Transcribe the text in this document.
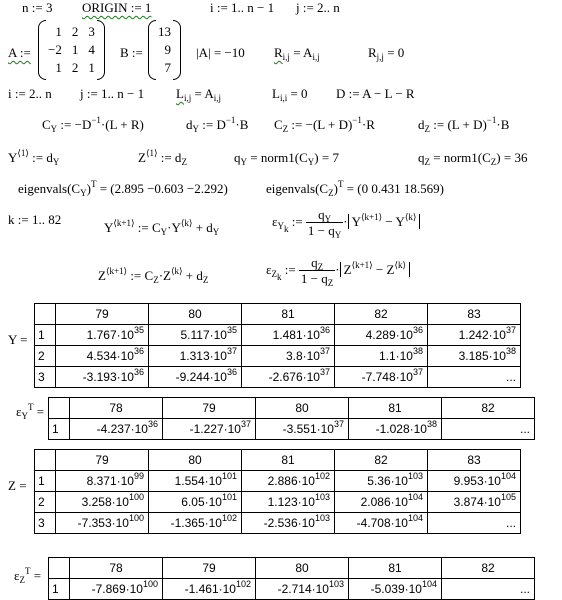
n := 3 ORIGIN := 1	i := 1.. n − 1 j := 2.. n
A :=
1 2 3
−2 1 4
1 2 1
B :=
13
9
7
|A| = −10 $R_{i,j} = A_{i,j}$	$R_{j,j} = 0$
i := 2.. n j := 1.. n − 1 $L_{i,j} = A_{i,j}$	$L_{i,i} = 0$ D := A − L − R
$C_Y$ := $-D^{-1}\cdot(L + R)$	$d_Y$ := $D^{-1}\cdot B$ $C_Z$ := $-(L + D)^{-1}\cdot R$	$d_Z$ := $(L + D)^{-1}\cdot B$
$Y^{⟨1⟩}$ := $d_Y$	$Z^{⟨1⟩}$ := $d_Z$	$q_Y$ = $norm1(C_Y) = 7$	$q_Z$ = $norm1(C_Z) = 36$
$eigenvals(C_Y)^T = (2.895 -0.603 -2.292)$	$eigenvals(C_Z)^T = (0$ 0.431 18.569)
k := 1.. 82
$Y^{⟨k+1⟩}$ := $C_Y\cdot Y^{⟨k⟩} + d_Y$
$\varepsilon_{Y_k}$ := $\frac{q_Y}{1 - q_Y} \cdot Y^{⟨k+1⟩} - Y^{⟨k⟩}$
$Z^{⟨k+1⟩}$ := $C_Z\cdot Z^{⟨k⟩} + d_Z$
$\varepsilon_{Z_k}$ := $\frac{q_Z}{1 - q_Z} \cdot Z^{⟨k+1⟩} - Z^{⟨k⟩}$
Y =
	79	80	81	82	83
1	$1.767\cdot 10^{35}$	$5.117\cdot 10^{35}$	$1.481\cdot 10^{36}$	$4.289\cdot 10^{36}$	$1.242\cdot 10^{37}$
2	$4.534\cdot 10^{36}$	$1.313\cdot 10^{37}$	$3.8\cdot 10^{37}$	$1.1\cdot 10^{38}$	$3.185\cdot 10^{38}$
3	$-3.193\cdot 10^{36}$	$-9.244\cdot 10^{36}$	$-2.676\cdot 10^{37}$	$-7.748\cdot 10^{37}$	...
$\varepsilon_Y^T$ =
		78	79	80	81	82
1	$-4.237\cdot 10^{36}$	$-1.227\cdot 10^{37}$	$-3.551\cdot 10^{37}$	$-1.028\cdot 10^{38}$	...
Z =
	79	80	81	82	83
1	$8.371\cdot 10^{99}$	$1.554\cdot 10^{101}$	$2.886\cdot 10^{102}$	$5.36\cdot 10^{103}$	$9.953\cdot 10^{104}$
2	$3.258\cdot 10^{100}$	$6.05\cdot 10^{101}$	$1.123\cdot 10^{103}$	$2.086\cdot 10^{104}$	$3.874\cdot 10^{105}$
3	$-7.353\cdot 10^{100}$	$-1.365\cdot 10^{102}$	$-2.536\cdot 10^{103}$	$-4.708\cdot 10^{104}$	...
$\varepsilon_Z^T$ =
		78	79	80	81	82
1	$-7.869\cdot 10^{100}$	$-1.461\cdot 10^{102}$	$-2.714\cdot 10^{103}$	$-5.039\cdot 10^{104}$	...
